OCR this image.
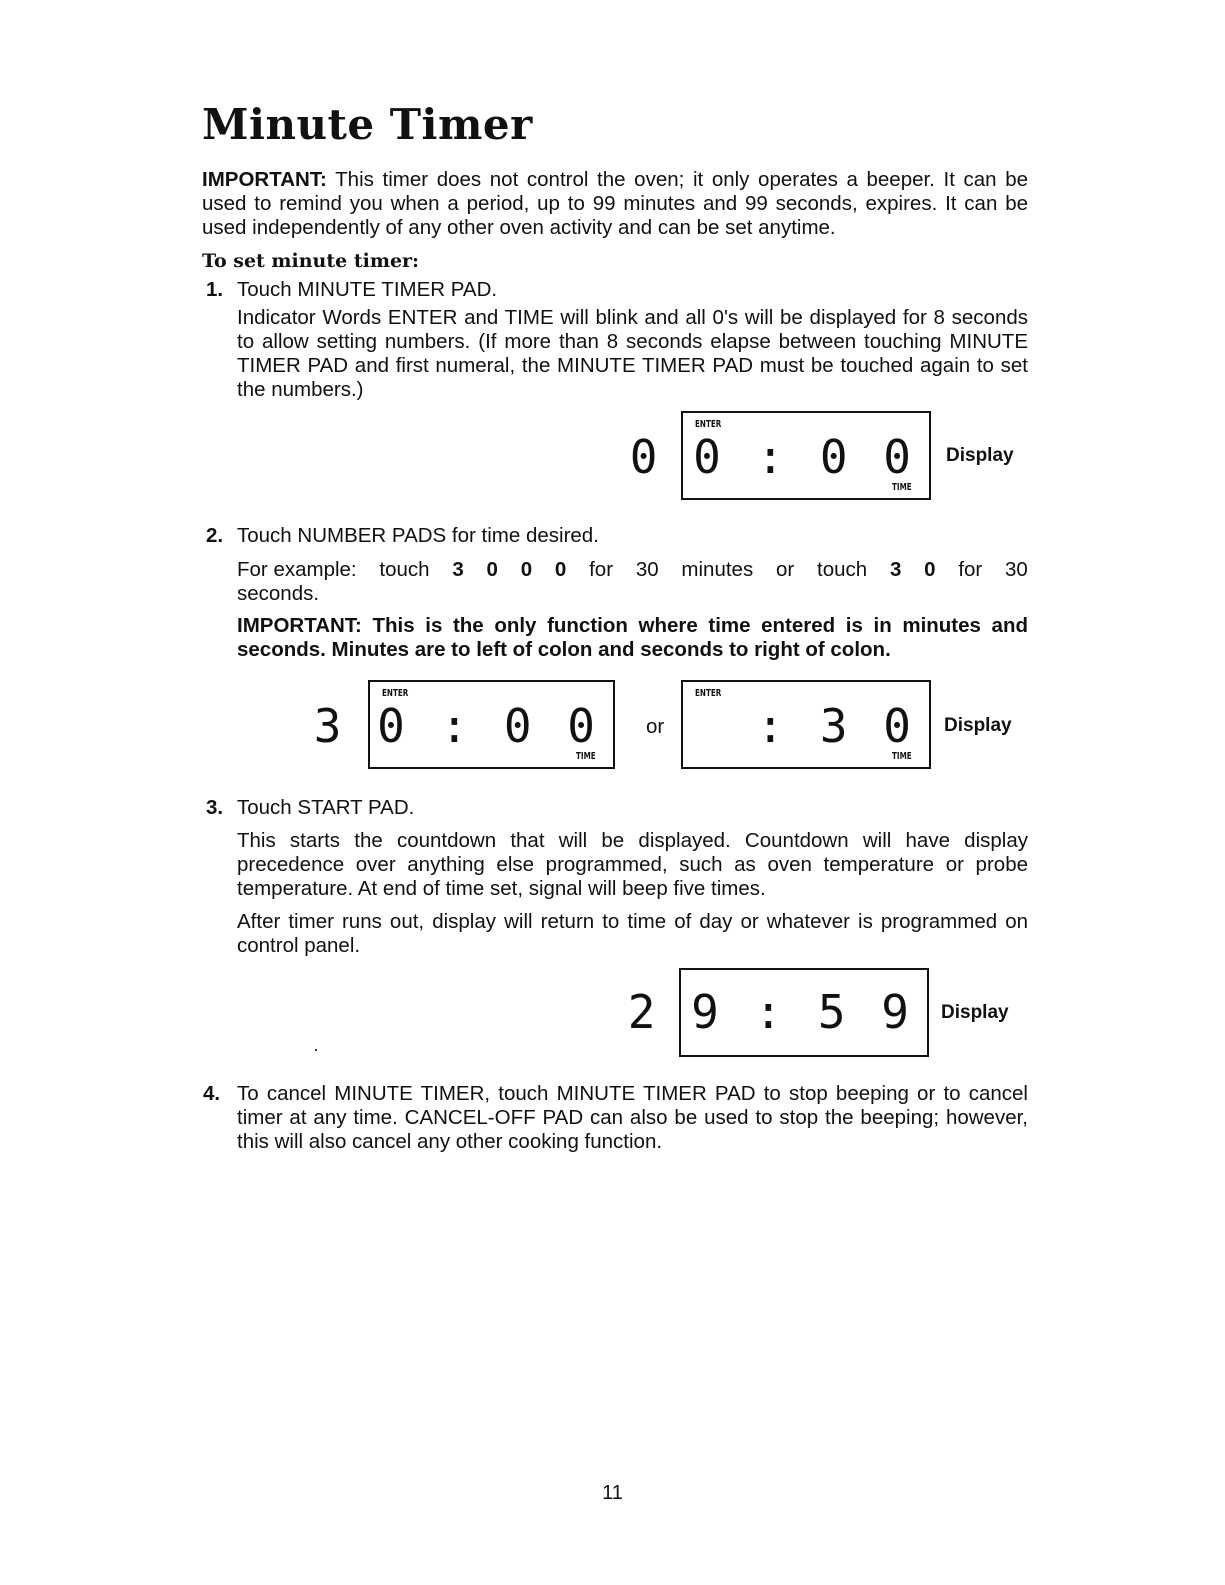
Minute Timer
IMPORTANT: This timer does not control the oven; it only operates a beeper. It can be used to remind you when a period, up to 99 minutes and 99 seconds, expires. It can be used independently of any other oven activity and can be set anytime.
To set minute timer:
1. Touch MINUTE TIMER PAD.
Indicator Words ENTER and TIME will blink and all 0's will be displayed for 8 seconds to allow setting numbers. (If more than 8 seconds elapse between touching MINUTE TIMER PAD and first numeral, the MINUTE TIMER PAD must be touched again to set the numbers.)
ENTER
0 0 : 0 0
TIME
Display
2. Touch NUMBER PADS for time desired.
For example: touch 3 0 0 0 for 30 minutes or touch 3 0 for 30
seconds.
IMPORTANT: This is the only function where time entered is in minutes and seconds. Minutes are to left of colon and seconds to right of colon.
ENTER
3 0 : 0 0
TIME
or
ENTER
: 3 0
TIME
Display
3. Touch START PAD.
This starts the countdown that will be displayed. Countdown will have display precedence over anything else programmed, such as oven temperature or probe temperature. At end of time set, signal will beep five times.
After timer runs out, display will return to time of day or whatever is programmed on control panel.
2 9 : 5 9 Display
4. To cancel MINUTE TIMER, touch MINUTE TIMER PAD to stop beeping or to cancel timer at any time. CANCEL-OFF PAD can also be used to stop the beeping; however, this will also cancel any other cooking function.
11
